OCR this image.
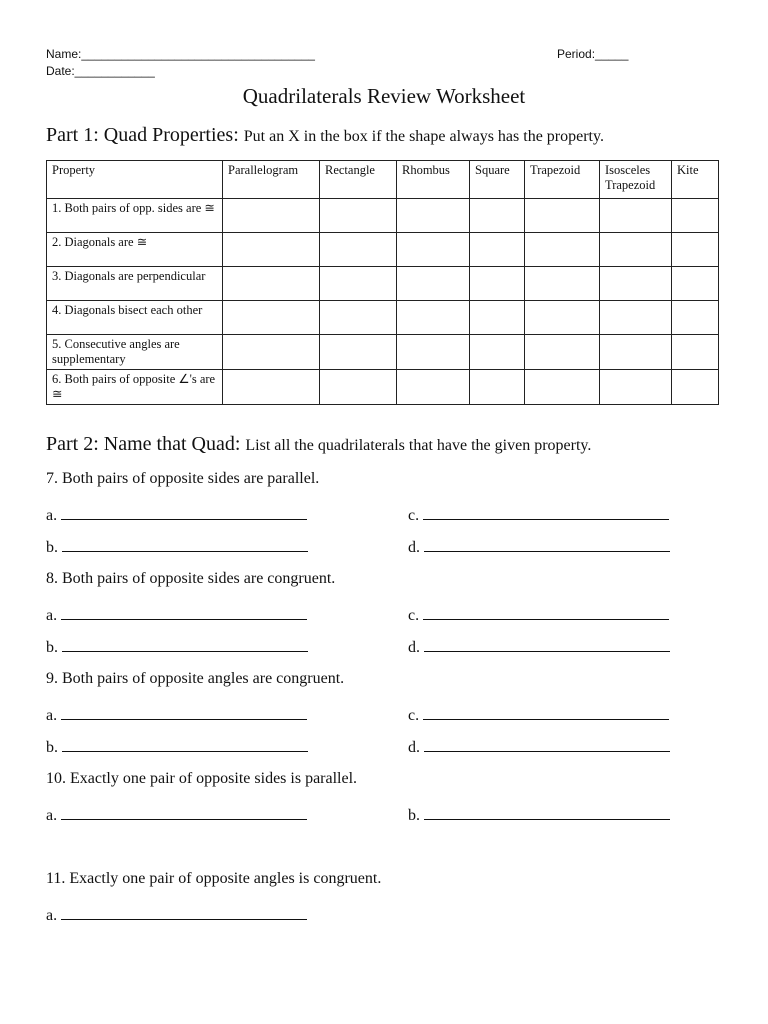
Name:___________________________________
Date:____________
Period:_____
Quadrilaterals Review Worksheet
Part 1: Quad Properties: Put an X in the box if the shape always has the property.
Property	Parallelogram	Rectangle	Rhombus	Square	Trapezoid	Isosceles Trapezoid	Kite
1. Both pairs of opp. sides are ≅							
2. Diagonals are ≅							
3. Diagonals are perpendicular							
4. Diagonals bisect each other							
5. Consecutive angles are supplementary							
6. Both pairs of opposite ∠'s are ≅							
Part 2: Name that Quad: List all the quadrilaterals that have the given property.
7. Both pairs of opposite sides are parallel.
a.	c.
b.	d.
8. Both pairs of opposite sides are congruent.
a.	c.
b.	d.
9. Both pairs of opposite angles are congruent.
a.	c.
b.	d.
10. Exactly one pair of opposite sides is parallel.
a.	b.
11. Exactly one pair of opposite angles is congruent.
a.
